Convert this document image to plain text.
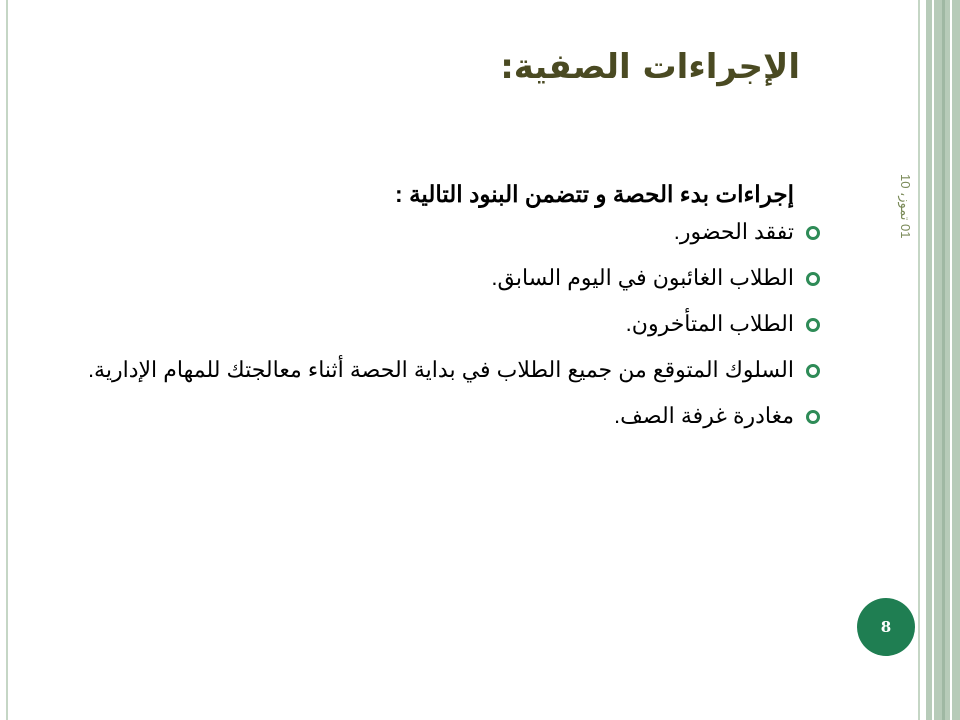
الإجراءات الصفية:
01 تموز، 10
إجراءات بدء الحصة و تتضمن البنود التالية :
تفقد الحضور.
الطلاب الغائبون في اليوم السابق.
الطلاب المتأخرون.
السلوك المتوقع من جميع الطلاب في بداية الحصة أثناء معالجتك للمهام الإدارية.
مغادرة غرفة الصف.
8
